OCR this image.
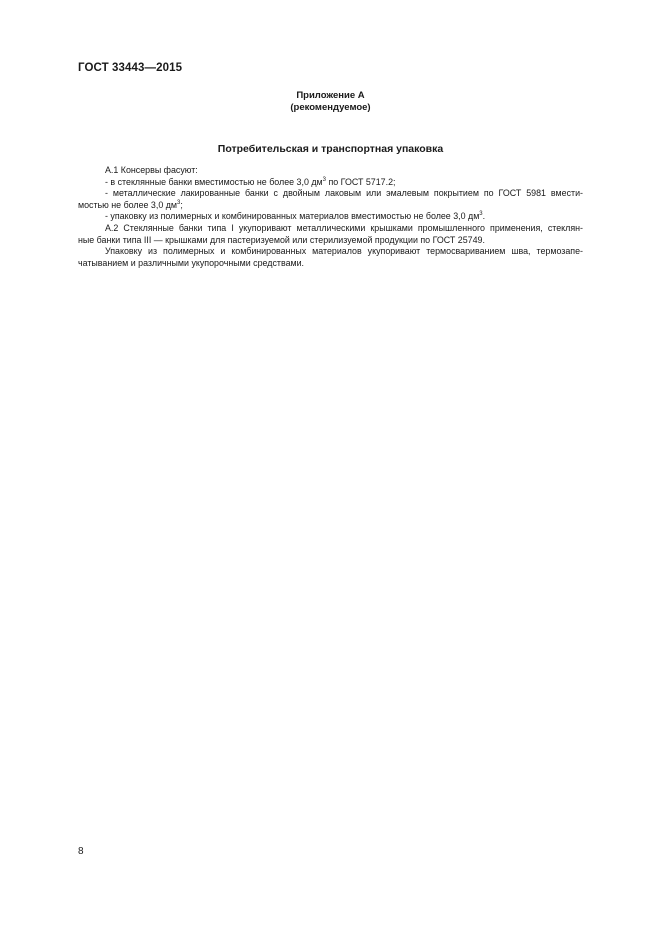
ГОСТ 33443—2015
Приложение А
(рекомендуемое)
Потребительская и транспортная упаковка

А.1 Консервы фасуют:

- в стеклянные банки вместимостью не более 3,0 $дм^3$ по ГОСТ 5717.2;

- металлические лакированные банки с двойным лаковым или эмалевым покрытием по ГОСТ 5981 вмести-

мостью не более 3,0 $дм^3$;

- упаковку из полимерных и комбинированных материалов вместимостью не более 3,0 $дм^3$.

А.2 Стеклянные банки типа I укупоривают металлическими крышками промышленного применения, стеклян-

ные банки типа III — крышками для пастеризуемой или стерилизуемой продукции по ГОСТ 25749.

Упаковку из полимерных и комбинированных материалов укупоривают термосвариванием шва, термозапе-

чатыванием и различными укупорочными средствами.

8
